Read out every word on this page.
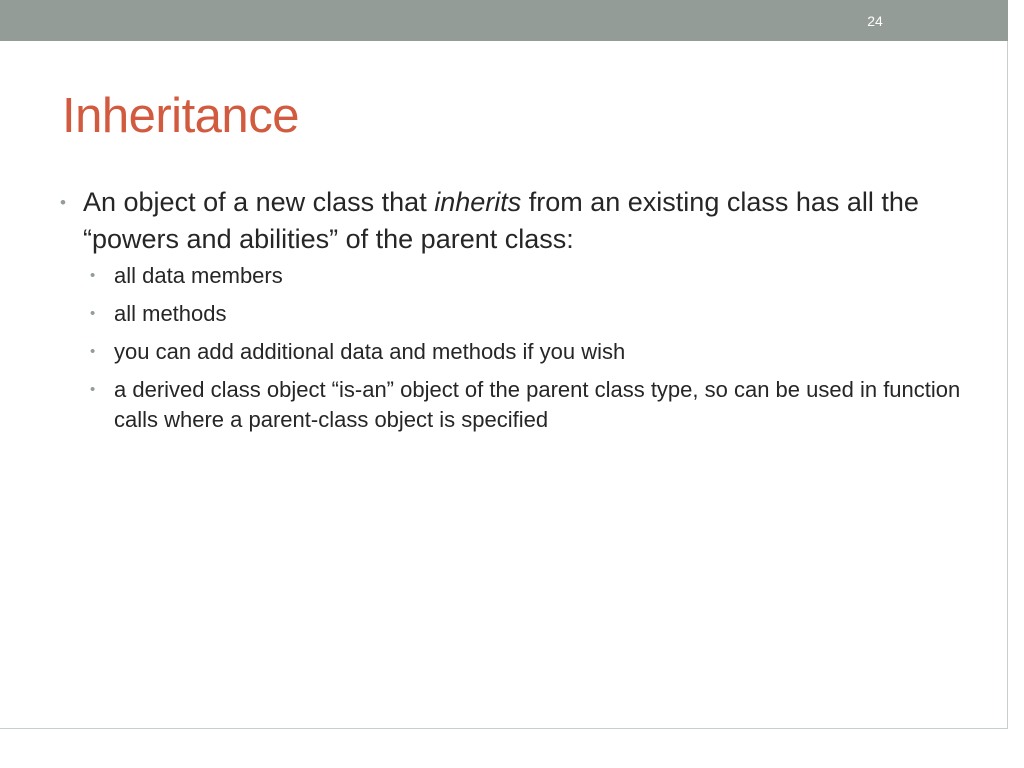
24
Inheritance
• An object of a new class that inherits from an existing class has all the “powers and abilities” of the parent class:
• all data members
• all methods
• you can add additional data and methods if you wish
• a derived class object “is-an” object of the parent class type, so can be used in function calls where a parent-class object is specified
